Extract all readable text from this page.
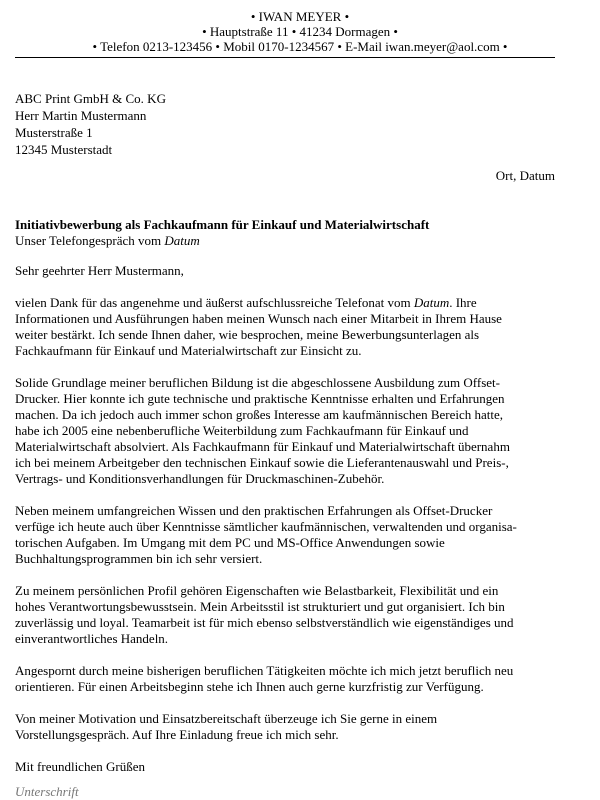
• IWAN MEYER •
• Hauptstraße 11 • 41234 Dormagen •
• Telefon 0213-123456 • Mobil 0170-1234567 • E-Mail iwan.meyer@aol.com •
ABC Print GmbH & Co. KG
Herr Martin Mustermann
Musterstraße 1
12345 Musterstadt
Ort, Datum
Initiativbewerbung als Fachkaufmann für Einkauf und Materialwirtschaft
Unser Telefongespräch vom Datum

Sehr geehrter Herr Mustermann,

vielen Dank für das angenehme und äußerst aufschlussreiche Telefonat vom Datum. Ihre
Informationen und Ausführungen haben meinen Wunsch nach einer Mitarbeit in Ihrem Hause
weiter bestärkt. Ich sende Ihnen daher, wie besprochen, meine Bewerbungsunterlagen als
Fachkaufmann für Einkauf und Materialwirtschaft zur Einsicht zu.

Solide Grundlage meiner beruflichen Bildung ist die abgeschlossene Ausbildung zum Offset-
Drucker. Hier konnte ich gute technische und praktische Kenntnisse erhalten und Erfahrungen
machen. Da ich jedoch auch immer schon großes Interesse am kaufmännischen Bereich hatte,
habe ich 2005 eine nebenberufliche Weiterbildung zum Fachkaufmann für Einkauf und
Materialwirtschaft absolviert. Als Fachkaufmann für Einkauf und Materialwirtschaft übernahm
ich bei meinem Arbeitgeber den technischen Einkauf sowie die Lieferantenauswahl und Preis-,
Vertrags- und Konditionsverhandlungen für Druckmaschinen-Zubehör.

Neben meinem umfangreichen Wissen und den praktischen Erfahrungen als Offset-Drucker
verfüge ich heute auch über Kenntnisse sämtlicher kaufmännischen, verwaltenden und organisa-
torischen Aufgaben. Im Umgang mit dem PC und MS-Office Anwendungen sowie
Buchhaltungsprogrammen bin ich sehr versiert.

Zu meinem persönlichen Profil gehören Eigenschaften wie Belastbarkeit, Flexibilität und ein
hohes Verantwortungsbewusstsein. Mein Arbeitsstil ist strukturiert und gut organisiert. Ich bin
zuverlässig und loyal. Teamarbeit ist für mich ebenso selbstverständlich wie eigenständiges und
einverantwortliches Handeln.

Angespornt durch meine bisherigen beruflichen Tätigkeiten möchte ich mich jetzt beruflich neu
orientieren. Für einen Arbeitsbeginn stehe ich Ihnen auch gerne kurzfristig zur Verfügung.

Von meiner Motivation und Einsatzbereitschaft überzeuge ich Sie gerne in einem
Vorstellungsgespräch. Auf Ihre Einladung freue ich mich sehr.

Mit freundlichen Grüßen

Unterschrift
